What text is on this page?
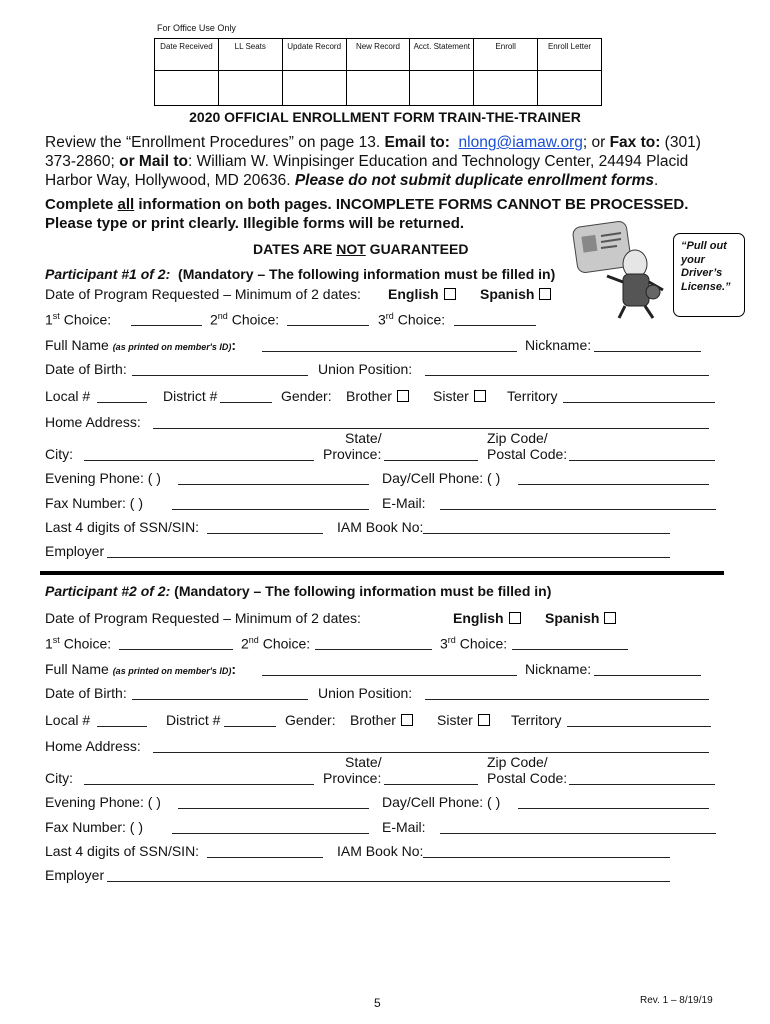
For Office Use Only
Date Received	LL Seats	Update Record	New Record	Acct. Statement	Enroll	Enroll Letter

2020 OFFICIAL ENROLLMENT FORM TRAIN-THE-TRAINER
Review the “Enrollment Procedures” on page 13. Email to: nlong@iamaw.org; or Fax to: (301) 373-2860; or Mail to: William W. Winpisinger Education and Technology Center, 24494 Placid Harbor Way, Hollywood, MD 20636. Please do not submit duplicate enrollment forms.
Complete all information on both pages. INCOMPLETE FORMS CANNOT BE PROCESSED.
Please type or print clearly. Illegible forms will be returned.
DATES ARE NOT GUARANTEED	“Pull out your Driver’s License.”
Participant #1 of 2: (Mandatory – The following information must be filled in)
Date of Program Requested – Minimum of 2 dates: English	Spanish
1st Choice:	2nd Choice:	3rd Choice:
Full Name (as printed on member's ID):	Nickname:
Date of Birth:	Union Position:
Local #	District #	Gender: Brother	Sister	Territory
Home Address:
State/	Zip Code/
City:	Province:	Postal Code:
Evening Phone: ( )	Day/Cell Phone: ( )
Fax Number: ( )	E-Mail:
Last 4 digits of SSN/SIN:	IAM Book No:
Employer
Participant #2 of 2: (Mandatory – The following information must be filled in)
Date of Program Requested – Minimum of 2 dates:	English	Spanish
1st Choice:	2nd Choice:	3rd Choice:
Full Name (as printed on member's ID):	Nickname:
Date of Birth:	Union Position:
Local #	District #	Gender: Brother	Sister	Territory
Home Address:
State/	Zip Code/
City:	Province:	Postal Code:
Evening Phone: ( )	Day/Cell Phone: ( )
Fax Number: ( )	E-Mail:
Last 4 digits of SSN/SIN:	IAM Book No:
Employer
5	Rev. 1 – 8/19/19
